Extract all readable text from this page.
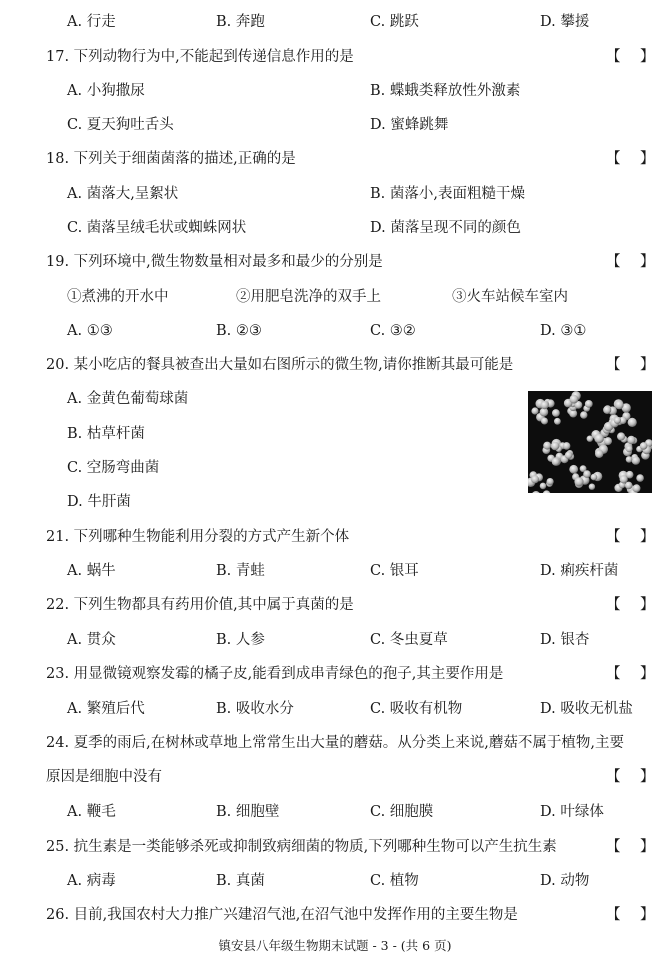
A. 行走	B. 奔跑	C. 跳跃	D. 攀援
17. 下列动物行为中,不能起到传递信息作用的是	【 】
A. 小狗撒尿	B. 蝶蛾类释放性外激素
C. 夏天狗吐舌头	D. 蜜蜂跳舞
18. 下列关于细菌菌落的描述,正确的是	【 】
A. 菌落大,呈絮状	B. 菌落小,表面粗糙干燥
C. 菌落呈绒毛状或蜘蛛网状	D. 菌落呈现不同的颜色
19. 下列环境中,微生物数量相对最多和最少的分别是	【 】
①煮沸的开水中	②用肥皂洗净的双手上	③火车站候车室内
A. ①③	B. ②③	C. ③②	D. ③①
20. 某小吃店的餐具被查出大量如右图所示的微生物,请你推断其最可能是	【 】
A. 金黄色葡萄球菌
B. 枯草杆菌
C. 空肠弯曲菌
D. 牛肝菌
21. 下列哪种生物能利用分裂的方式产生新个体	【 】
A. 蜗牛	B. 青蛙	C. 银耳	D. 痢疾杆菌
22. 下列生物都具有药用价值,其中属于真菌的是	【 】
A. 贯众	B. 人参	C. 冬虫夏草	D. 银杏
23. 用显微镜观察发霉的橘子皮,能看到成串青绿色的孢子,其主要作用是	【 】
A. 繁殖后代	B. 吸收水分	C. 吸收有机物	D. 吸收无机盐
24. 夏季的雨后,在树林或草地上常常生出大量的蘑菇。从分类上来说,蘑菇不属于植物,主要
原因是细胞中没有	【 】
A. 鞭毛	B. 细胞壁	C. 细胞膜	D. 叶绿体
25. 抗生素是一类能够杀死或抑制致病细菌的物质,下列哪种生物可以产生抗生素	【 】
A. 病毒	B. 真菌	C. 植物	D. 动物
26. 目前,我国农村大力推广兴建沼气池,在沼气池中发挥作用的主要生物是	【 】
镇安县八年级生物期末试题 - 3 - (共 6 页)
